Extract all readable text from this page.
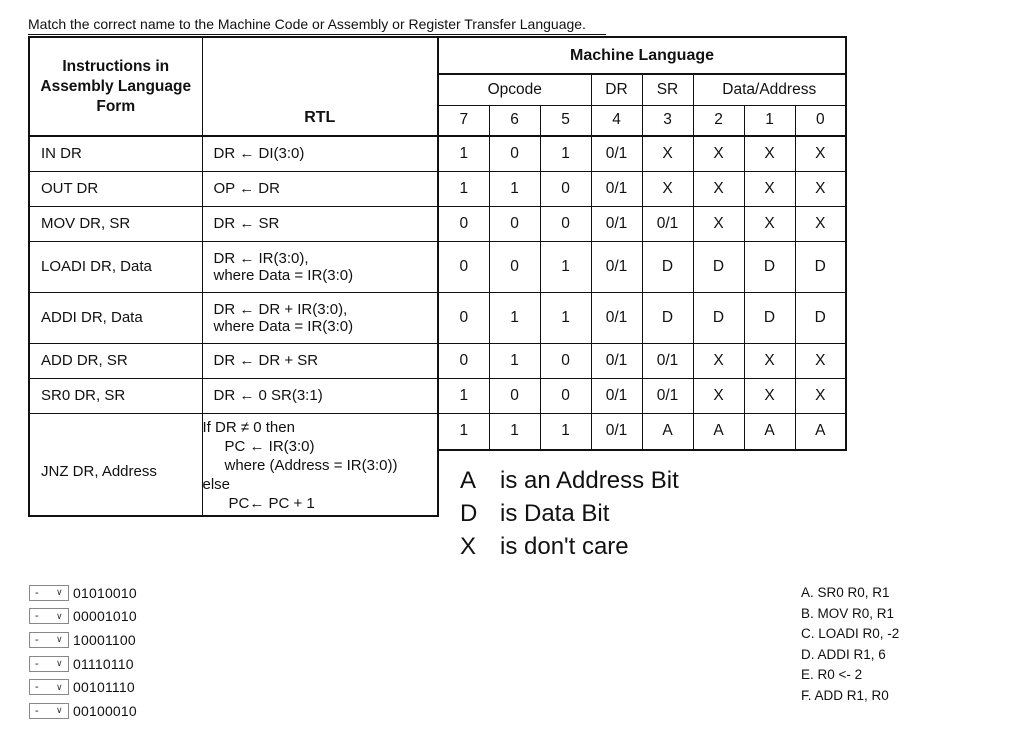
Match the correct name to the Machine Code or Assembly or Register Transfer Language.
Instructions in Assembly Language Form	RTL	Machine Language							
		Opcode			DR	SR	Data/Address		
		7	6	5	4	3	2	1	0
IN DR	DR ← DI(3:0)	1	0	1	0/1	X	X	X	X
OUT DR	OP ← DR	1	1	0	0/1	X	X	X	X
MOV DR, SR	DR ← SR	0	0	0	0/1	0/1	X	X	X
LOADI DR, Data	DR ← IR(3:0),
where Data = IR(3:0)	0	0	1	0/1	D	D	D	D
ADDI DR, Data	DR ← DR + IR(3:0),
where Data = IR(3:0)	0	1	1	0/1	D	D	D	D
ADD DR, SR	DR ← DR + SR	0	1	0	0/1	0/1	X	X	X
SR0 DR, SR	DR ← 0 SR(3:1)	1	0	0	0/1	0/1	X	X	X
JNZ DR, Address	If DR ≠ 0 then
PC ← IR(3:0)
where (Address = IR(3:0))
else
PC← PC + 1	1	1	1	0/1	A	A	A	A

A is an Address Bit
D is Data Bit
X is don't care
-	∨ 01010010
-	∨ 00001010
-	∨ 10001100
-	∨ 01110110
-	∨ 00101110
-	∨ 00100010
A. SR0 R0, R1
B. MOV R0, R1
C. LOADI R0, -2
D. ADDI R1, 6
E. R0 <- 2
F. ADD R1, R0
